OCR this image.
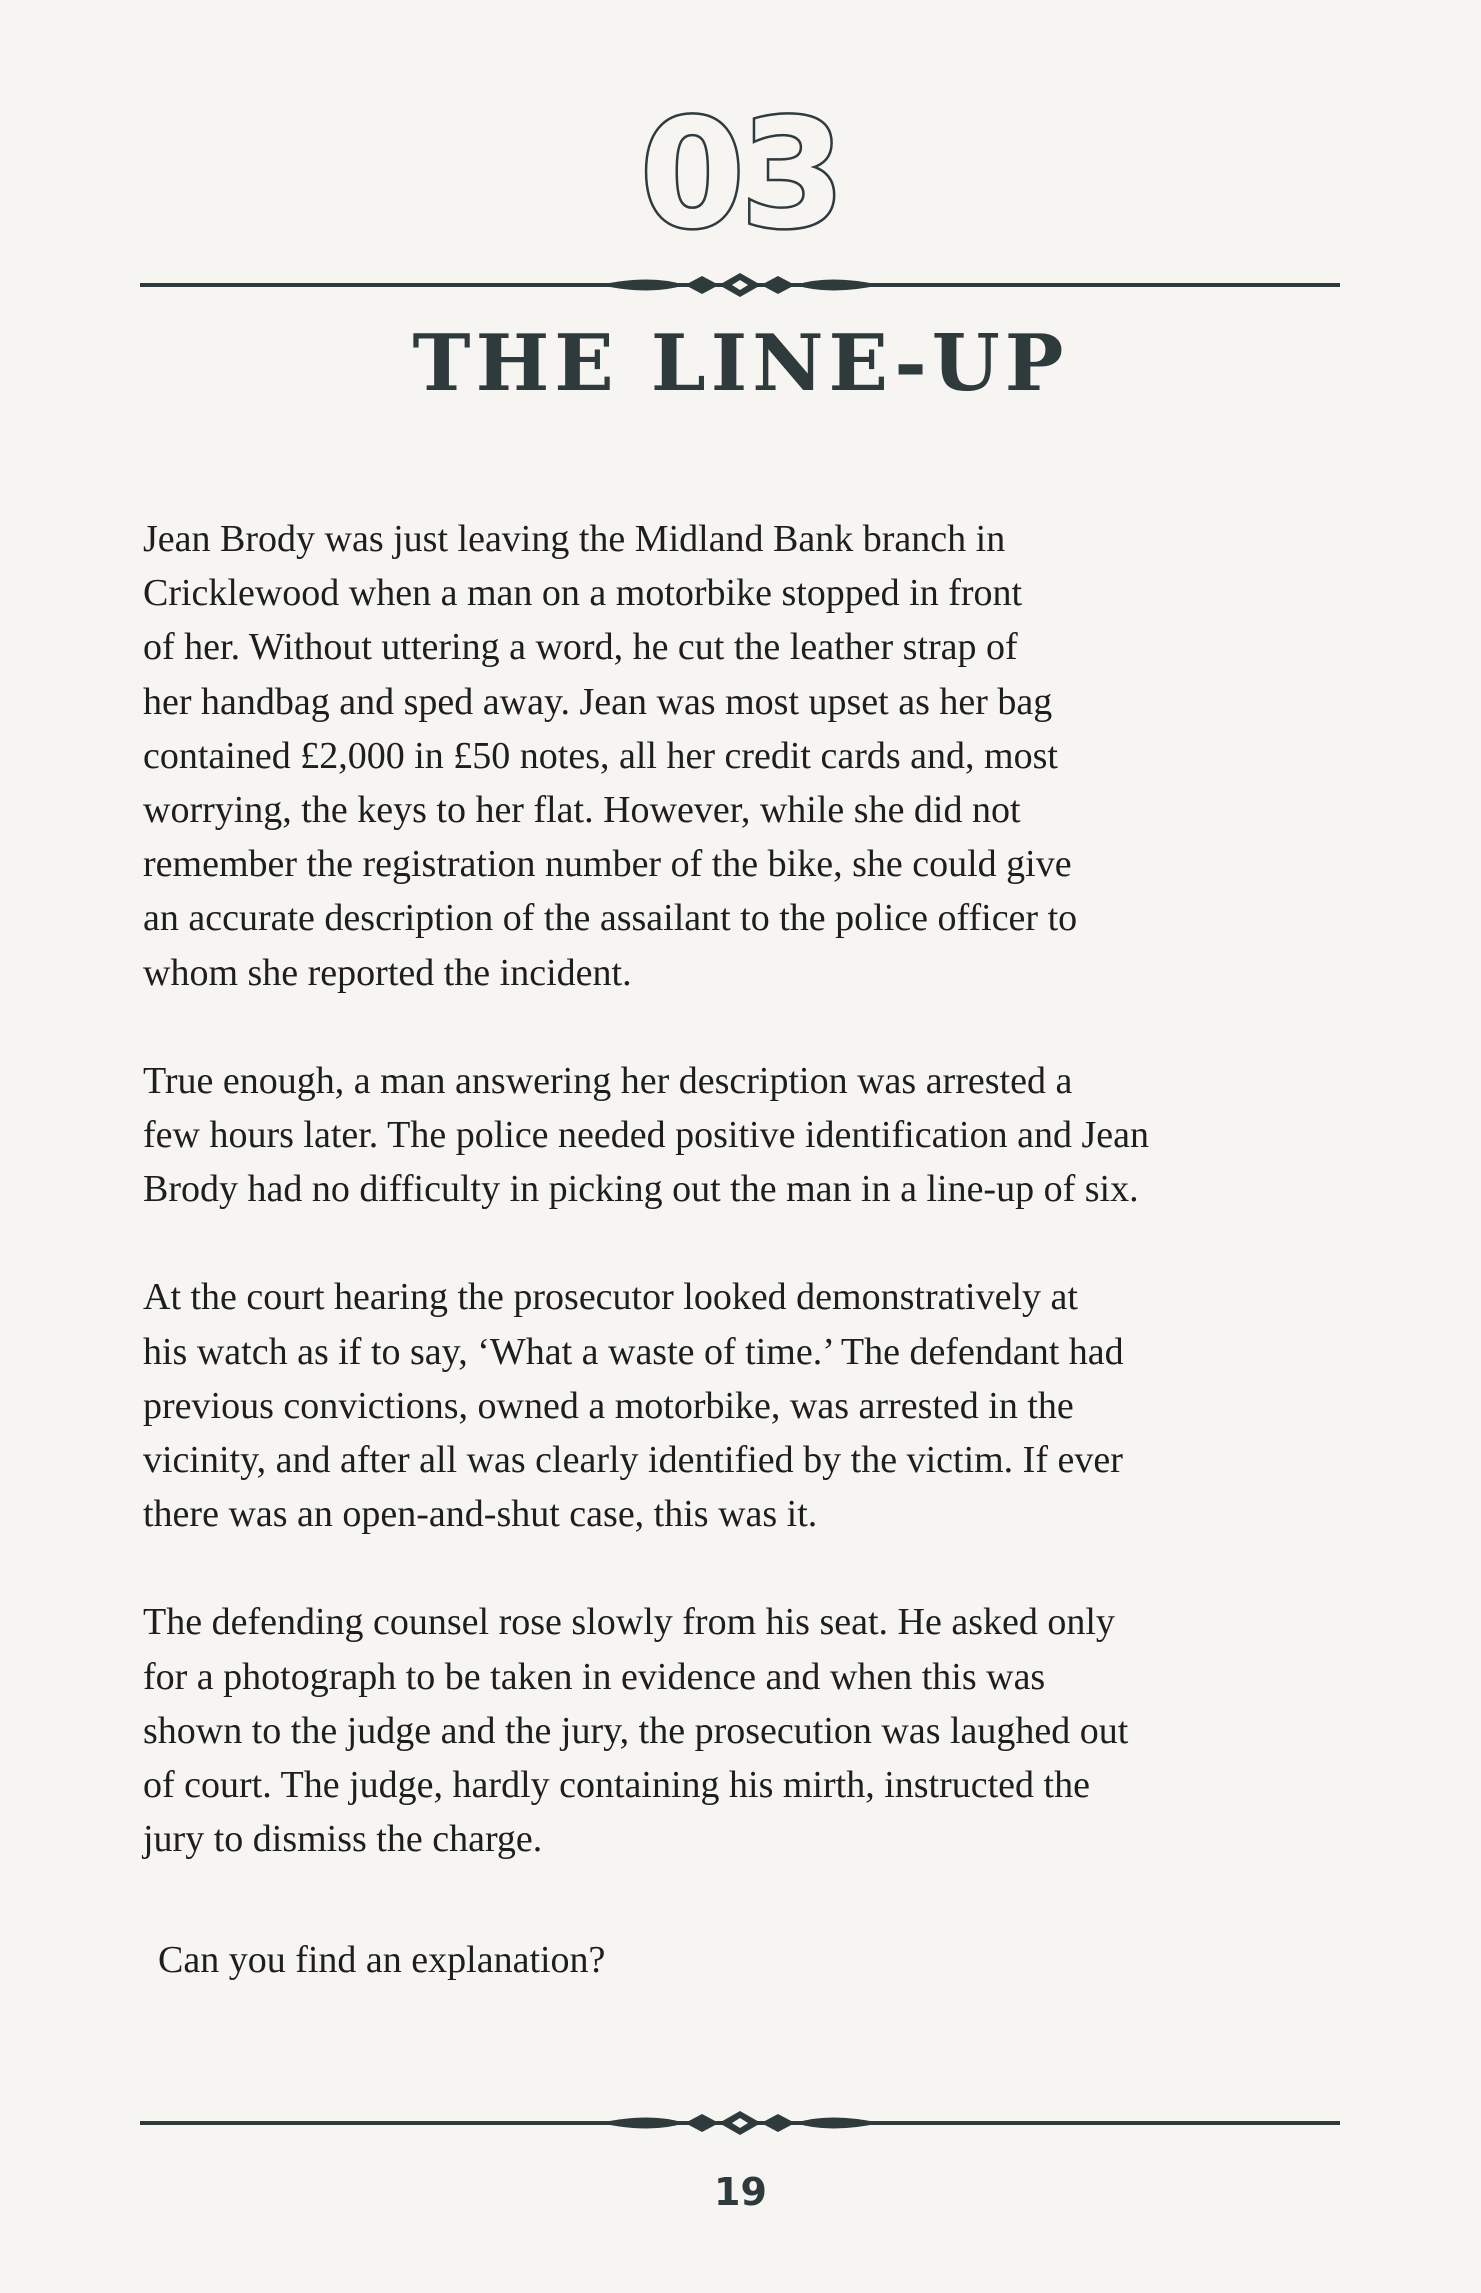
03
THE LINE-UP

Jean Brody was just leaving the Midland Bank branch in
Cricklewood when a man on a motorbike stopped in front
of her. Without uttering a word, he cut the leather strap of
her handbag and sped away. Jean was most upset as her bag
contained £2,000 in £50 notes, all her credit cards and, most
worrying, the keys to her flat. However, while she did not
remember the registration number of the bike, she could give
an accurate description of the assailant to the police officer to
whom she reported the incident.

True enough, a man answering her description was arrested a
few hours later. The police needed positive identification and Jean
Brody had no difficulty in picking out the man in a line-up of six.

At the court hearing the prosecutor looked demonstratively at
his watch as if to say, ‘What a waste of time.’ The defendant had
previous convictions, owned a motorbike, was arrested in the
vicinity, and after all was clearly identified by the victim. If ever
there was an open-and-shut case, this was it.

The defending counsel rose slowly from his seat. He asked only
for a photograph to be taken in evidence and when this was
shown to the judge and the jury, the prosecution was laughed out
of court. The judge, hardly containing his mirth, instructed the
jury to dismiss the charge.

Can you find an explanation?
19
